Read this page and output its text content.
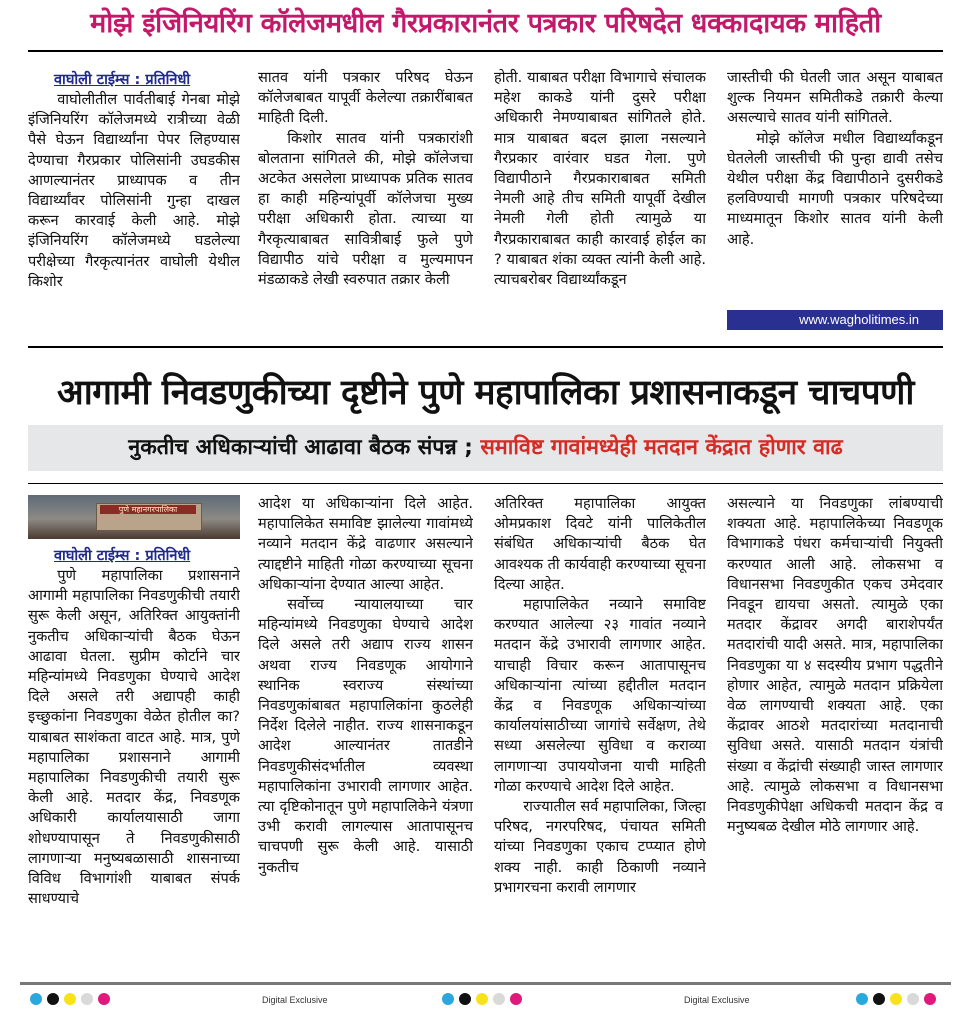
मोझे इंजिनियरिंग कॉलेजमधील गैरप्रकारानंतर पत्रकार परिषदेत धक्कादायक माहिती
वाघोली टाईम्स : प्रतिनिधी

वाघोलीतील पार्वतीबाई गेनबा मोझे इंजिनियरिंग कॉलेजमध्ये रात्रीच्या वेळी पैसे घेऊन विद्यार्थ्यांना पेपर लिहण्यास देण्याचा गैरप्रकार पोलिसांनी उघडकीस आणल्यानंतर प्राध्यापक व तीन विद्यार्थ्यांवर पोलिसांनी गुन्हा दाखल करून कारवाई केली आहे. मोझे इंजिनियरिंग कॉलेजमध्ये घडलेल्या परीक्षेच्या गैरकृत्यानंतर वाघोली येथील किशोर

सातव यांनी पत्रकार परिषद घेऊन कॉलेजबाबत यापूर्वी केलेल्या तक्रारींबाबत माहिती दिली.

किशोर सातव यांनी पत्रकारांशी बोलताना सांगितले की, मोझे कॉलेजचा अटकेत असलेला प्राध्यापक प्रतिक सातव हा काही महिन्यांपूर्वी कॉलेजचा मुख्य परीक्षा अधिकारी होता. त्याच्या या गैरकृत्याबाबत सावित्रीबाई फुले पुणे विद्यापीठ यांचे परीक्षा व मुल्यमापन मंडळाकडे लेखी स्वरुपात तक्रार केली

होती. याबाबत परीक्षा विभागाचे संचालक महेश काकडे यांनी दुसरे परीक्षा अधिकारी नेमण्याबाबत सांगितले होते. मात्र याबाबत बदल झाला नसल्याने गैरप्रकार वारंवार घडत गेला. पुणे विद्यापीठाने गैरप्रकाराबाबत समिती नेमली आहे तीच समिती यापूर्वी देखील नेमली गेली होती त्यामुळे या गैरप्रकाराबाबत काही कारवाई होईल का ? याबाबत शंका व्यक्त त्यांनी केली आहे. त्याचबरोबर विद्यार्थ्यांकडून

जास्तीची फी घेतली जात असून याबाबत शुल्क नियमन समितीकडे तक्रारी केल्या असल्याचे सातव यांनी सांगितले.

मोझे कॉलेज मधील विद्यार्थ्यांकडून घेतलेली जास्तीची फी पुन्हा द्यावी तसेच येथील परीक्षा केंद्र विद्यापीठाने दुसरीकडे हलविण्याची मागणी पत्रकार परिषदेच्या माध्यमातून किशोर सातव यांनी केली आहे.

www.wagholitimes.in
आगामी निवडणुकीच्या दृष्टीने पुणे महापालिका प्रशासनाकडून चाचपणी
नुकतीच अधिकाऱ्यांची आढावा बैठक संपन्न ; समाविष्ट गावांमध्येही मतदान केंद्रात होणार वाढ
पुणे महानगरपालिका
वाघोली टाईम्स : प्रतिनिधी

पुणे महापालिका प्रशासनाने आगामी महापालिका निवडणुकीची तयारी सुरू केली असून, अतिरिक्त आयुक्तांनी नुकतीच अधिकाऱ्यांची बैठक घेऊन आढावा घेतला. सुप्रीम कोर्टाने चार महिन्यांमध्ये निवडणुका घेण्याचे आदेश दिले असले तरी अद्यापही काही इच्छुकांना निवडणुका वेळेत होतील का? याबाबत साशंकता वाटत आहे. मात्र, पुणे महापालिका प्रशासनाने आगामी महापालिका निवडणुकीची तयारी सुरू केली आहे. मतदार केंद्र, निवडणूक अधिकारी कार्यालयासाठी जागा शोधण्यापासून ते निवडणुकीसाठी लागणाऱ्या मनुष्यबळासाठी शासनाच्या विविध विभागांशी याबाबत संपर्क साधण्याचे

आदेश या अधिकाऱ्यांना दिले आहेत. महापालिकेत समाविष्ट झालेल्या गावांमध्ये नव्याने मतदान केंद्रे वाढणार असल्याने त्याद्दष्टीने माहिती गोळा करण्याच्या सूचना अधिकाऱ्यांना देण्यात आल्या आहेत.

सर्वोच्च न्यायालयाच्या चार महिन्यांमध्ये निवडणुका घेण्याचे आदेश दिले असले तरी अद्याप राज्य शासन अथवा राज्य निवडणूक आयोगाने स्थानिक स्वराज्य संस्थांच्या निवडणुकांबाबत महापालिकांना कुठलेही निर्देश दिलेले नाहीत. राज्य शासनाकडून आदेश आल्यानंतर तातडीने निवडणुकीसंदर्भातील व्यवस्था महापालिकांना उभारावी लागणार आहेत. त्या दृष्टिकोनातून पुणे महापालिकेने यंत्रणा उभी करावी लागल्यास आतापासूनच चाचपणी सुरू केली आहे. यासाठी नुकतीच

अतिरिक्त महापालिका आयुक्त ओमप्रकाश दिवटे यांनी पालिकेतील संबंधित अधिकाऱ्यांची बैठक घेत आवश्यक ती कार्यवाही करण्याच्या सूचना दिल्या आहेत.

महापालिकेत नव्याने समाविष्ट करण्यात आलेल्या २३ गावांत नव्याने मतदान केंद्रे उभारावी लागणार आहेत. याचाही विचार करून आतापासूनच अधिकाऱ्यांना त्यांच्या हद्दीतील मतदान केंद्र व निवडणूक अधिकाऱ्यांच्या कार्यालयांसाठीच्या जागांचे सर्वेक्षण, तेथे सध्या असलेल्या सुविधा व कराव्या लागणाऱ्या उपाययोजना याची माहिती गोळा करण्याचे आदेश दिले आहेत.

राज्यातील सर्व महापालिका, जिल्हा परिषद, नगरपरिषद, पंचायत समिती यांच्या निवडणुका एकाच टप्प्यात होणे शक्य नाही. काही ठिकाणी नव्याने प्रभागरचना करावी लागणार

असल्याने या निवडणुका लांबण्याची शक्यता आहे. महापालिकेच्या निवडणूक विभागाकडे पंधरा कर्मचाऱ्यांची नियुक्ती करण्यात आली आहे. लोकसभा व विधानसभा निवडणुकीत एकच उमेदवार निवडून द्यायचा असतो. त्यामुळे एका मतदार केंद्रावर अगदी बाराशेपर्यंत मतदारांची यादी असते. मात्र, महापालिका निवडणुका या ४ सदस्यीय प्रभाग पद्धतीने होणार आहेत, त्यामुळे मतदान प्रक्रियेला वेळ लागण्याची शक्यता आहे. एका केंद्रावर आठशे मतदारांच्या मतदानाची सुविधा असते. यासाठी मतदान यंत्रांची संख्या व केंद्रांची संख्याही जास्त लागणार आहे. त्यामुळे लोकसभा व विधानसभा निवडणुकीपेक्षा अधिकची मतदान केंद्र व मनुष्यबळ देखील मोठे लागणार आहे.

Digital Exclusive	Digital Exclusive
